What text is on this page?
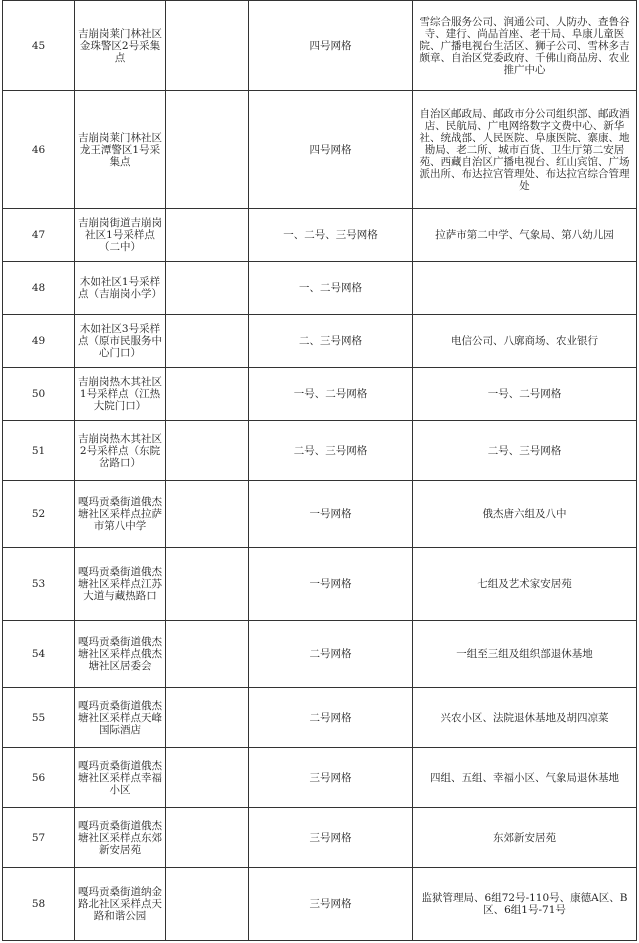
45	吉崩岗莱门林社区金珠警区2号采集点		四号网格	雪综合服务公司、润通公司、人防办、查鲁谷寺、建行、尚品首座、老干局、阜康儿童医院、广播电视台生活区、狮子公司、雪林多吉颇章、自治区党委政府、千佛山商品房、农业推广中心
46	吉崩岗莱门林社区龙王潭警区1号采集点		四号网格	自治区邮政局、邮政市分公司组织部、邮政酒店、民航局、广电网络数字文费中心、新华社、统战部、人民医院、阜康医院、寨康、地勘局、老二所、城市百货、卫生厅第二安居苑、西藏自治区广播电视台、红山宾馆、广场派出所、布达拉宫管理处、布达拉宫综合管理处
47	吉崩岗街道吉崩岗社区1号采样点（二中）		一、二号、三号网格	拉萨市第二中学、气象局、第八幼儿园
48	木如社区1号采样点（吉崩岗小学）		一、二号网格	
49	木如社区3号采样点（原市民服务中心门口）		二、三号网格	电信公司、八廓商场、农业银行
50	吉崩岗热木其社区1号采样点（江热大院门口）		一号、二号网格	一号、二号网格
51	吉崩岗热木其社区2号采样点（东院岔路口）		二号、三号网格	二号、三号网格
52	嘎玛贡桑街道俄杰塘社区采样点拉萨市第八中学		一号网格	俄杰唐六组及八中
53	嘎玛贡桑街道俄杰塘社区采样点江苏大道与藏热路口		一号网格	七组及艺术家安居苑
54	嘎玛贡桑街道俄杰塘社区采样点俄杰塘社区居委会		二号网格	一组至三组及组织部退休基地
55	嘎玛贡桑街道俄杰塘社区采样点天峰国际酒店		二号网格	兴农小区、法院退休基地及胡四凉菜
56	嘎玛贡桑街道俄杰塘社区采样点幸福小区		三号网格	四组、五组、幸福小区、气象局退休基地
57	嘎玛贡桑街道俄杰塘社区采样点东郊新安居苑		三号网格	东郊新安居苑
58	嘎玛贡桑街道纳金路北社区采样点天路和谐公园		三号网格	监狱管理局、6组72号-110号、康德A区、B区、6组1号-71号
